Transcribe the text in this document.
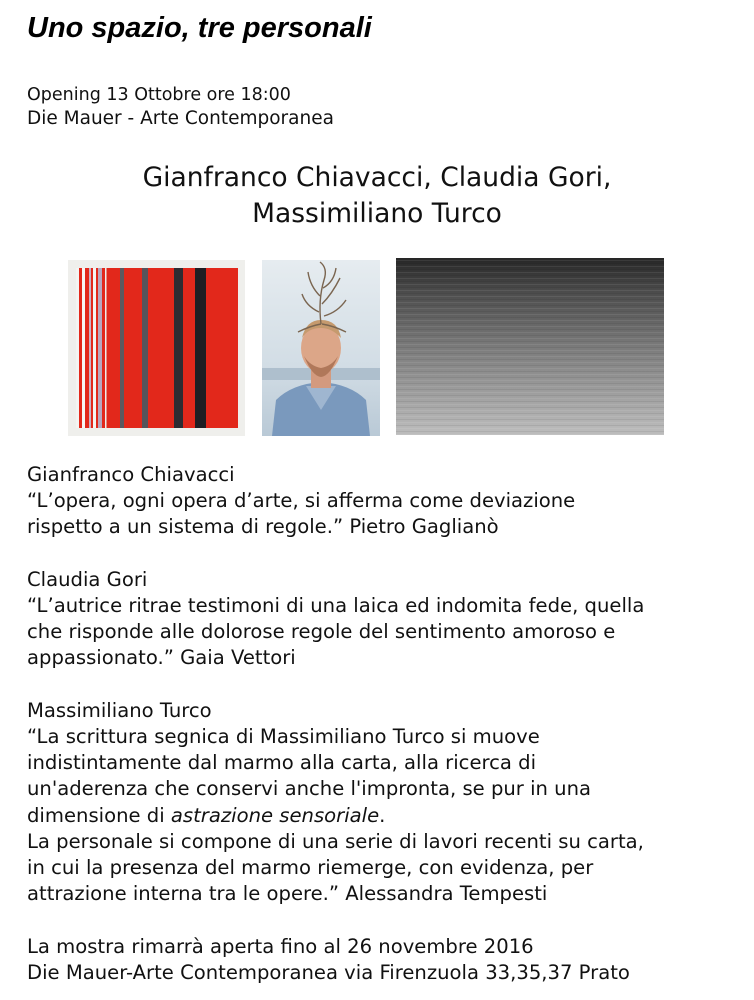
Uno spazio, tre personali
Opening 13 Ottobre ore 18:00
Die Mauer - Arte Contemporanea
Gianfranco Chiavacci, Claudia Gori,
Massimiliano Turco

Gianfranco Chiavacci

“L’opera, ogni opera d’arte, si afferma come deviazione

rispetto a un sistema di regole.” Pietro Gaglianò

Claudia Gori

“L’autrice ritrae testimoni di una laica ed indomita fede, quella

che risponde alle dolorose regole del sentimento amoroso e

appassionato.” Gaia Vettori

Massimiliano Turco

“La scrittura segnica di Massimiliano Turco si muove

indistintamente dal marmo alla carta, alla ricerca di

un'aderenza che conservi anche l'impronta, se pur in una

dimensione di astrazione sensoriale.

La personale si compone di una serie di lavori recenti su carta,

in cui la presenza del marmo riemerge, con evidenza, per

attrazione interna tra le opere.” Alessandra Tempesti

La mostra rimarrà aperta fino al 26 novembre 2016

Die Mauer-Arte Contemporanea via Firenzuola 33,35,37 Prato
